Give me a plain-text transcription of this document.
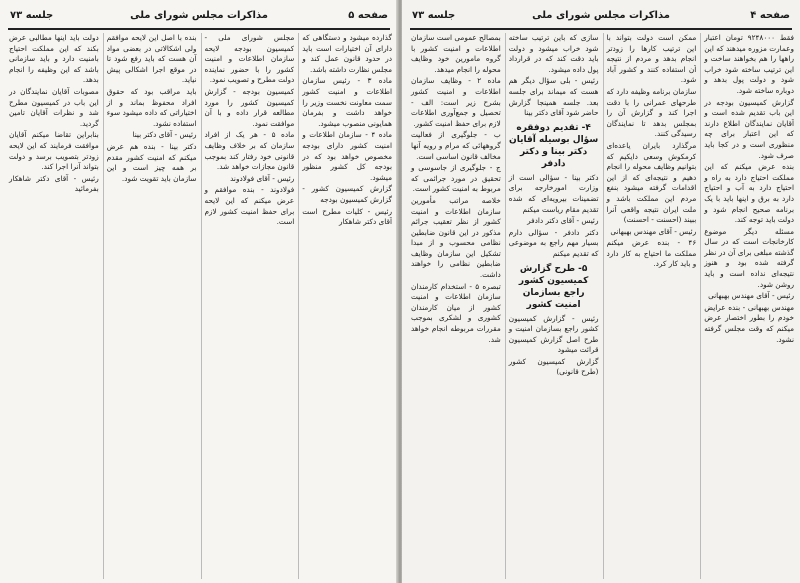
صفحه ۵
مذاکرات مجلس شورای ملی
جلسه ۷۳

گذارده میشود و دستگاهی که دارای آن اختیارات است باید در حدود قانون عمل کند و مجلس نظارت داشته باشد.

ماده ۳ - رئیس سازمان اطلاعات و امنیت کشور سمت معاونت نخست وزیر را خواهد داشت و بفرمان همایونی منصوب میشود.

ماده ۴ - سازمان اطلاعات و امنیت کشور دارای بودجه مخصوص خواهد بود که در بودجه کل کشور منظور میشود.

گزارش کمیسیون کشور - گزارش کمیسیون بودجه

رئیس - کلیات مطرح است آقای دکتر شاهکار

مجلس شورای ملی - کمیسیون بودجه لایحه سازمان اطلاعات و امنیت کشور را با حضور نماینده دولت مطرح و تصویب نمود.

کمیسیون بودجه - گزارش کمیسیون کشور را مورد مطالعه قرار داده و با آن موافقت نمود.

ماده ۵ - هر یک از افراد سازمان که بر خلاف وظایف قانونی خود رفتار کند بموجب قانون مجازات خواهد شد.

رئیس - آقای فولادوند

فولادوند - بنده موافقم و عرض میکنم که این لایحه برای حفظ امنیت کشور لازم است.

بنده با اصل این لایحه موافقم ولی اشکالاتی در بعضی مواد آن هست که باید رفع شود تا در موقع اجرا اشکالی پیش نیاید.

باید مراقب بود که حقوق افراد محفوظ بماند و از اختیاراتی که داده میشود سوء استفاده نشود.

رئیس - آقای دکتر بینا

دکتر بینا - بنده هم عرض میکنم که امنیت کشور مقدم بر همه چیز است و این سازمان باید تقویت شود.

دولت باید اینها مطالبی عرض بکند که این مملکت احتیاج بامنیت دارد و باید سازمانی باشد که این وظیفه را انجام بدهد.

مصوبات آقایان نمایندگان در این باب در کمیسیون مطرح شد و نظرات آقایان تامین گردید.

بنابراین تقاضا میکنم آقایان موافقت فرمایند که این لایحه زودتر بتصویب برسد و دولت بتواند آنرا اجرا کند.

رئیس - آقای دکتر شاهکار بفرمائید

صفحه ۴
مذاکرات مجلس شورای ملی
جلسه ۷۳

فقط ۹۲۴۸۰۰۰ تومان اعتبار وعمارت مزوره میدهند که این راهها را هم بخواهند ساخت و این ترتیب ساخته شود خراب شود و دولت پول بدهد و دوباره ساخته شود.

گزارش کمیسیون بودجه در این باب تقدیم شده است و آقایان نمایندگان اطلاع دارند که این اعتبار برای چه منظوری است و در کجا باید صرف شود.

بنده عرض میکنم که این مملکت احتیاج دارد به راه و احتیاج دارد به آب و احتیاج دارد به برق و اینها باید با یک برنامه صحیح انجام شود و دولت باید توجه کند.

مسئله دیگر موضوع کارخانجات است که در سال گذشته مبلغی برای آن در نظر گرفته شده بود و هنوز نتیجه‌ای نداده است و باید روشن شود.

رئیس - آقای مهندس بهبهانی

مهندس بهبهانی - بنده عرایض خودم را بطور اختصار عرض میکنم که وقت مجلس گرفته نشود.

ممکن است دولت بتواند با این ترتیب کارها را زودتر انجام بدهد و مردم از نتیجه آن استفاده کنند و کشور آباد شود.

سازمان برنامه وظیفه دارد که طرحهای عمرانی را با دقت اجرا کند و گزارش آن را بمجلس بدهد تا نمایندگان رسیدگی کنند.

مرگذارد بایران یاعده‌ای کرمکوش وسعی دایکیم که بتوانیم وظایف محوله را انجام دهیم و نتیجه‌ای که از این اقدامات گرفته میشود بنفع مردم این مملکت باشد و ملت ایران نتیجه واقعی آنرا ببیند (احسنت - احسنت)

رئیس - آقای مهندس بهبهانی

۴۶ - بنده عرض میکنم مملکت ما احتیاج به کار دارد و باید کار کرد.

سازی که باین ترتیب ساخته شود خراب میشود و دولت باید دقت کند که در قرارداد پول داده میشود.

رئیس - بلی سؤال دیگر هم هست که میماند برای جلسه بعد. جلسه همینجا گزارش حاضر شود آقای دکتر بینا

۴- تقدیم دوفقره سؤال بوسیله آقایان دکتر بینا و دکتر دادفر

دکتر بینا - سؤالی است از وزارت امورخارجه برای تضمینات بیرویه‌ای که شده تقدیم مقام ریاست میکنم

رئیس - آقای دکتر دادفر

دکتر دادفر - سؤالی دارم بسیار مهم راجع به موضوعی که تقدیم میکنم

۵- طرح گزارش کمیسیون کشور راجع بسازمان امنیت کشور

رئیس - گزارش کمیسیون کشور راجع بسازمان امنیت و طرح اصل گزارش کمیسیون قرائت میشود

گزارش کمیسیون کشور (طرح قانونی)

بمصالح عمومی است سازمان اطلاعات و امنیت کشور با گروه مامورین خود وظایف محوله را انجام میدهد.

ماده ۲ - وظایف سازمان اطلاعات و امنیت کشور بشرح زیر است: الف - تحصیل و جمع‌آوری اطلاعات لازم برای حفظ امنیت کشور.

ب - جلوگیری از فعالیت گروههائی که مرام و رویه آنها مخالف قانون اساسی است.

ج - جلوگیری از جاسوسی و تحقیق در مورد جرائمی که مربوط به امنیت کشور است.

خلاصه مراتب مأمورین سازمان اطلاعات و امنیت کشور از نظر تعقیب جرائم مذکور در این قانون ضابطین نظامی محسوب و از مبدا تشکیل این سازمان وظایف ضابطین نظامی را خواهند داشت.

تبصره ۵ - استخدام کارمندان سازمان اطلاعات و امنیت کشور از میان کارمندان کشوری و لشکری بموجب مقررات مربوطه انجام خواهد شد.
